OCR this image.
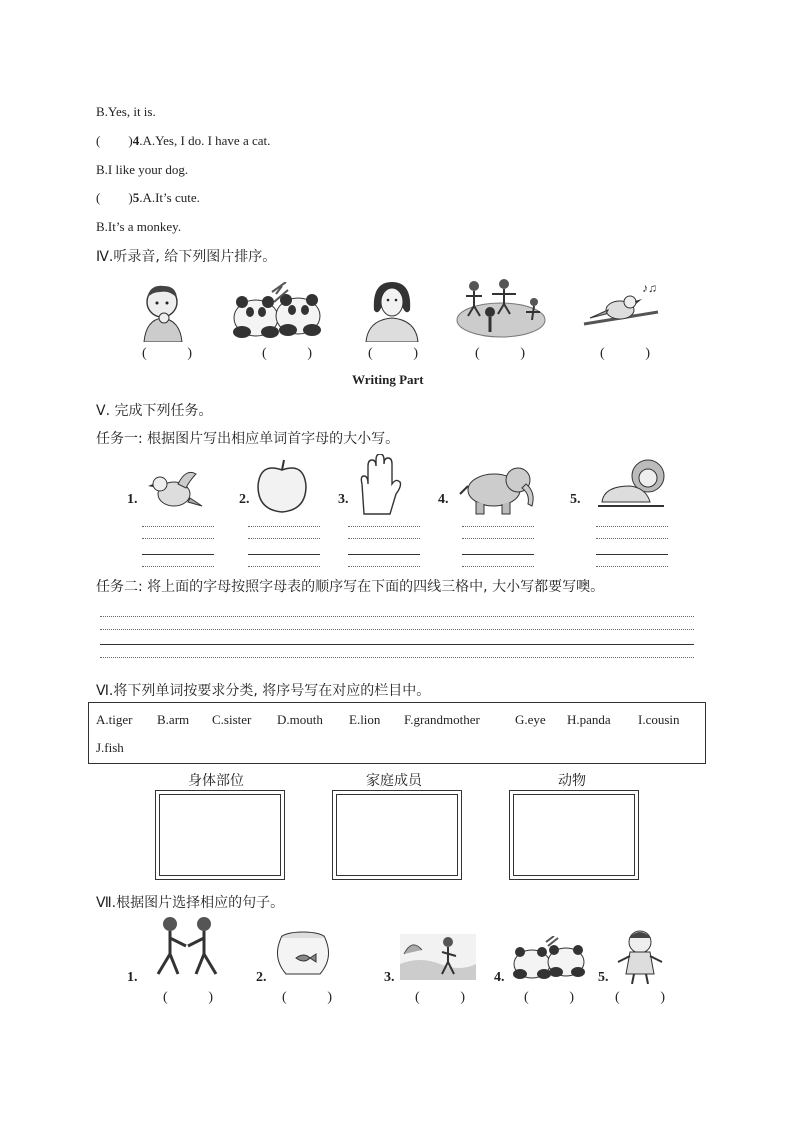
B.Yes, it is.
( )4.A.Yes, I do. I have a cat.
B.I like your dog.
( )5.A.It’s cute.
B.It’s a monkey.
Ⅳ.听录音, 给下列图片排序。
♪♫
(	)	(	)	(	)	(	)	(	)
Writing Part
Ⅴ. 完成下列任务。
任务一: 根据图片写出相应单词首字母的大小写。
1.	2.	3.	4.	5.
任务二: 将上面的字母按照字母表的顺序写在下面的四线三格中, 大小写都要写噢。
Ⅵ.将下列单词按要求分类, 将序号写在对应的栏目中。
A.tiger B.arm C.sister D.mouth E.lion F.grandmother	G.eye H.panda I.cousin
J.fish
身体部位	家庭成员	动物
Ⅶ.根据图片选择相应的句子。
1.	2.	3.	4.	5.
(	)	(	)	(	)	(	)	(	)
